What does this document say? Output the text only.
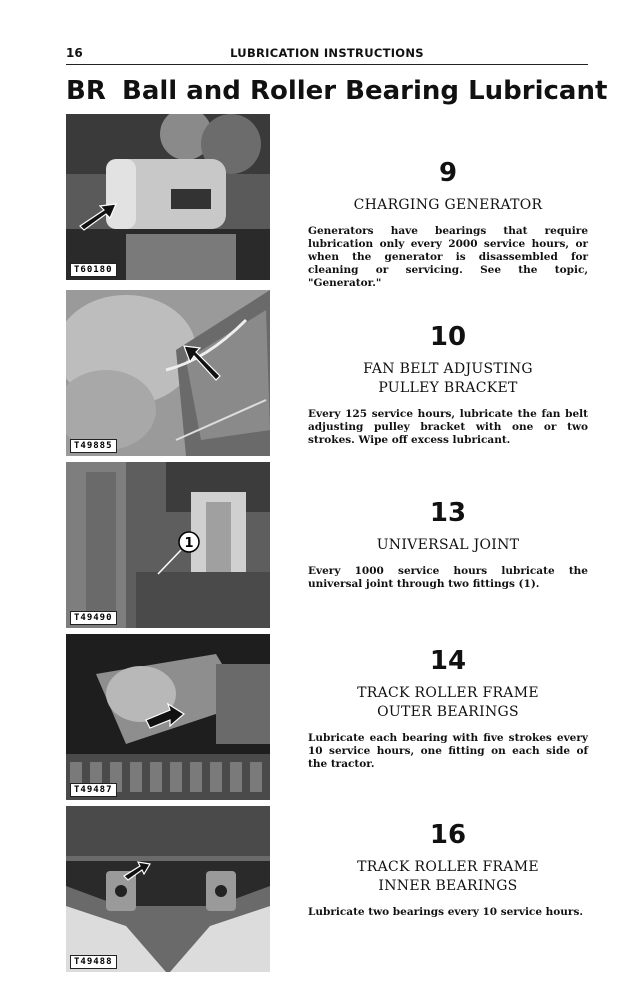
16	LUBRICATION INSTRUCTIONS
BR Ball and Roller Bearing Lubricant
T60180
T49885
1
T49490
T49487
T49488
9
CHARGING GENERATOR
Generators have bearings that require lubrication only every 2000 service hours, or when the generator is disassembled for cleaning or servicing. See the topic, "Generator."
10
FAN BELT ADJUSTING
PULLEY BRACKET
Every 125 service hours, lubricate the fan belt adjusting pulley bracket with one or two strokes. Wipe off excess lubricant.
13
UNIVERSAL JOINT
Every 1000 service hours lubricate the universal joint through two fittings (1).
14
TRACK ROLLER FRAME
OUTER BEARINGS
Lubricate each bearing with five strokes every 10 service hours, one fitting on each side of the tractor.
16
TRACK ROLLER FRAME
INNER BEARINGS
Lubricate two bearings every 10 service hours.
